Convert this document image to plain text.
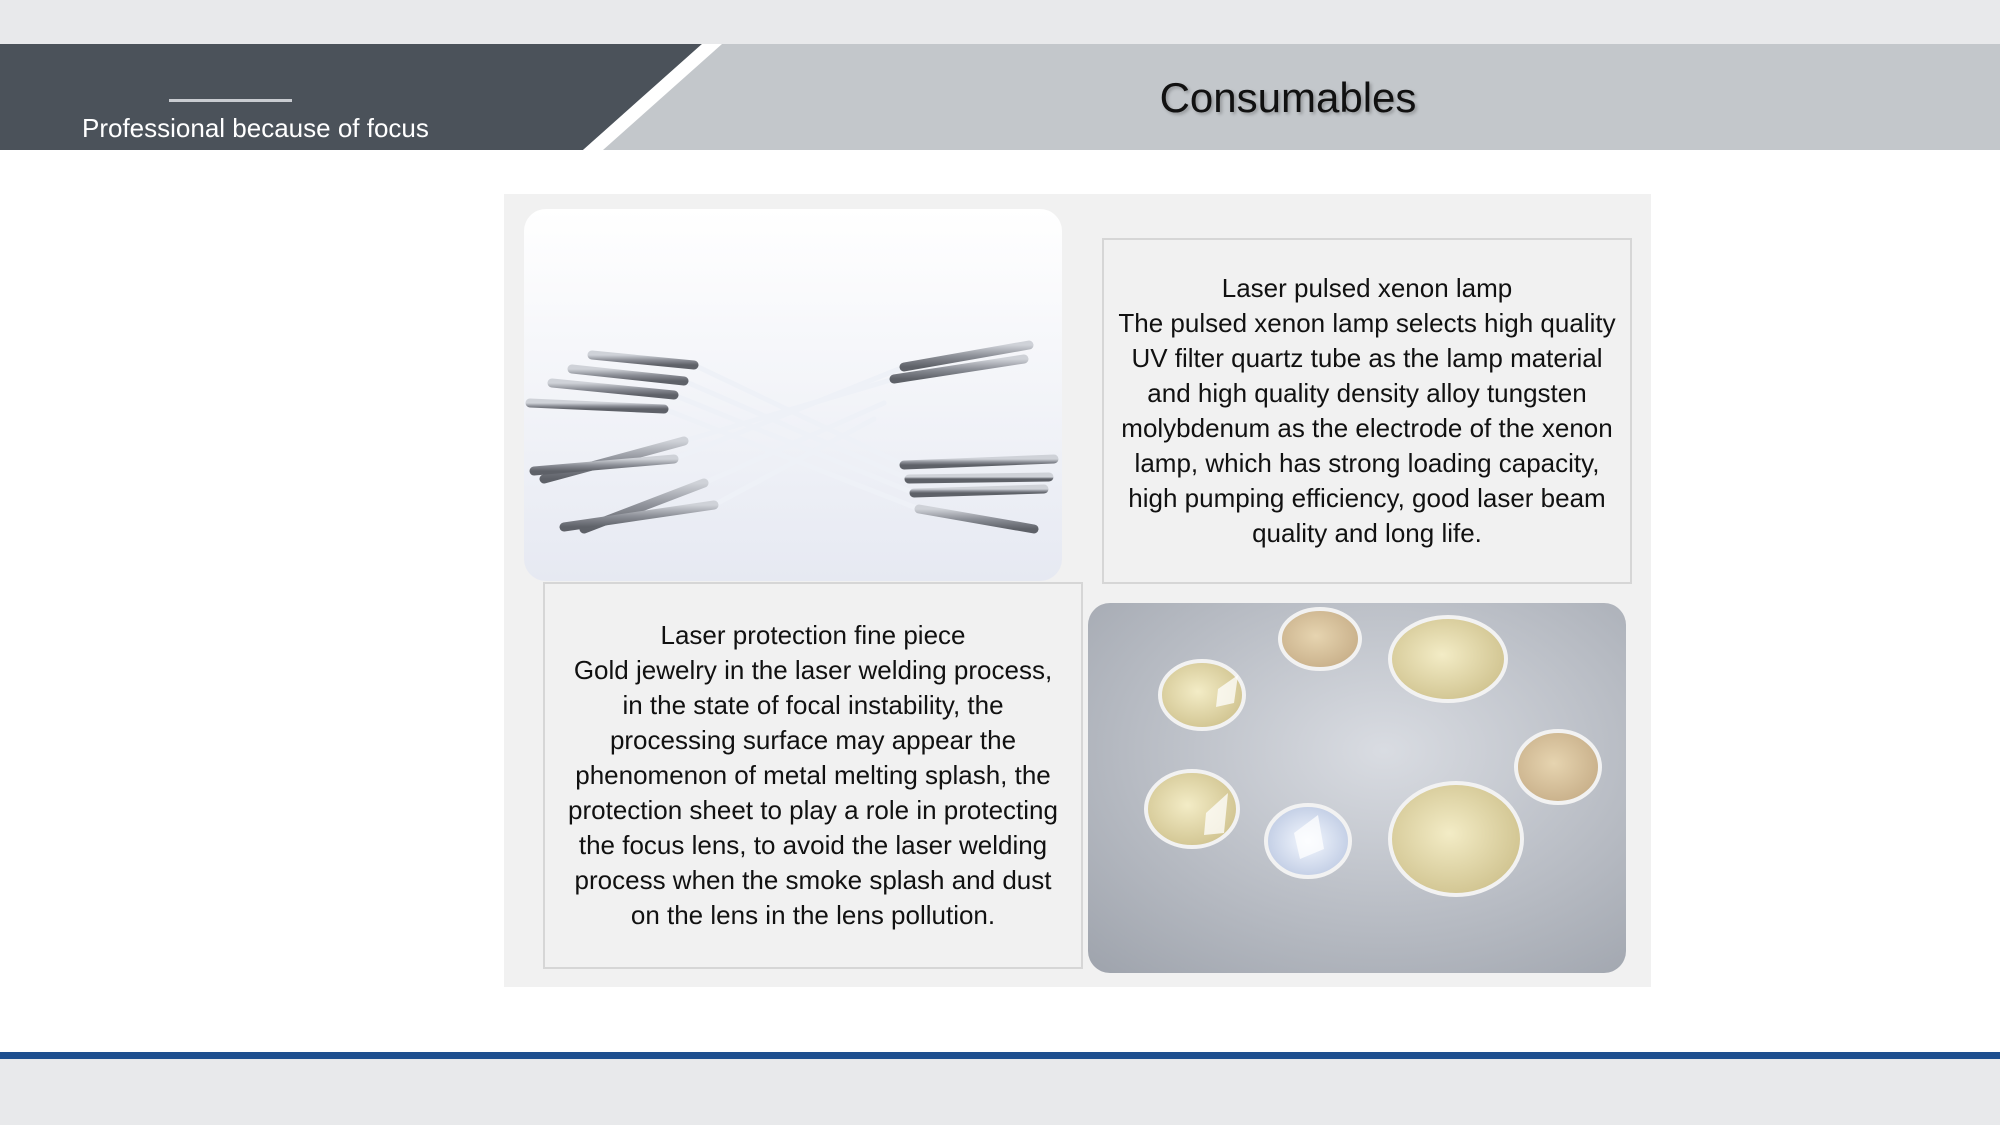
Professional because of focus
Consumables
Laser pulsed xenon lamp
The pulsed xenon lamp selects high quality UV filter quartz tube as the lamp material and high quality density alloy tungsten molybdenum as the electrode of the xenon lamp, which has strong loading capacity, high pumping efficiency, good laser beam quality and long life.
Laser protection fine piece
Gold jewelry in the laser welding process, in the state of focal instability, the processing surface may appear the phenomenon of metal melting splash, the protection sheet to play a role in protecting the focus lens, to avoid the laser welding process when the smoke splash and dust on the lens in the lens pollution.
